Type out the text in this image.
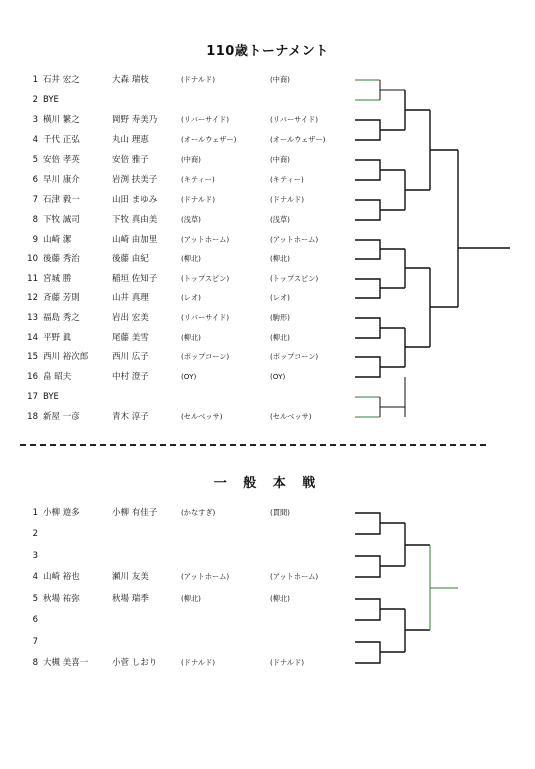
110歳トーナメント
1 石井 宏之	大森 瑞枝	(ドナルド)	(中商)
2 BYE
3 横川 繁之	岡野 寿美乃	(リバーサイド)	(リバーサイド)
4 千代 正弘	丸山 理恵	(オールウェザー)	(オールウェザー)
5 安倍 孝英	安倍 雅子	(中商)	(中商)
6 早川 康介	岩渕 扶美子	(キティー)	(キティー)
7 石津 毅一	山田 まゆみ	(ドナルド)	(ドナルド)
8 下牧 誠司	下牧 真由美	(浅草)	(浅草)
9 山崎 潔	山崎 由加里	(アットホーム)	(アットホーム)
10 後藤 秀治	後藤 由紀	(柳北)	(柳北)
11 宮城 勝	稲垣 佐知子	(トップスピン)	(トップスピン)
12 斉藤 芳則	山井 真理	(レオ)	(レオ)
13 福島 秀之	岩出 宏美	(リバーサイド)	(駒形)
14 平野 眞	尾藤 美雪	(柳北)	(柳北)
15 西川 裕次郎	西川 広子	(ポップコーン)	(ポップコーン)
16 畠 昭夫	中村 澄子	(OY)	(OY)
17 BYE
18 新屋 一彦	青木 淳子	(セルベッサ)	(セルベッサ)
一 般 本 戦
1 小柳 遊多	小柳 有佳子	(かなすぎ)	(貫間)
2
3
4 山崎 裕也	瀬川 友美	(アットホーム)	(アットホーム)
5 秋場 祐弥	秋場 瑞季	(柳北)	(柳北)
6
7
8 大槻 美喜一	小菅 しおり	(ドナルド)	(ドナルド)
